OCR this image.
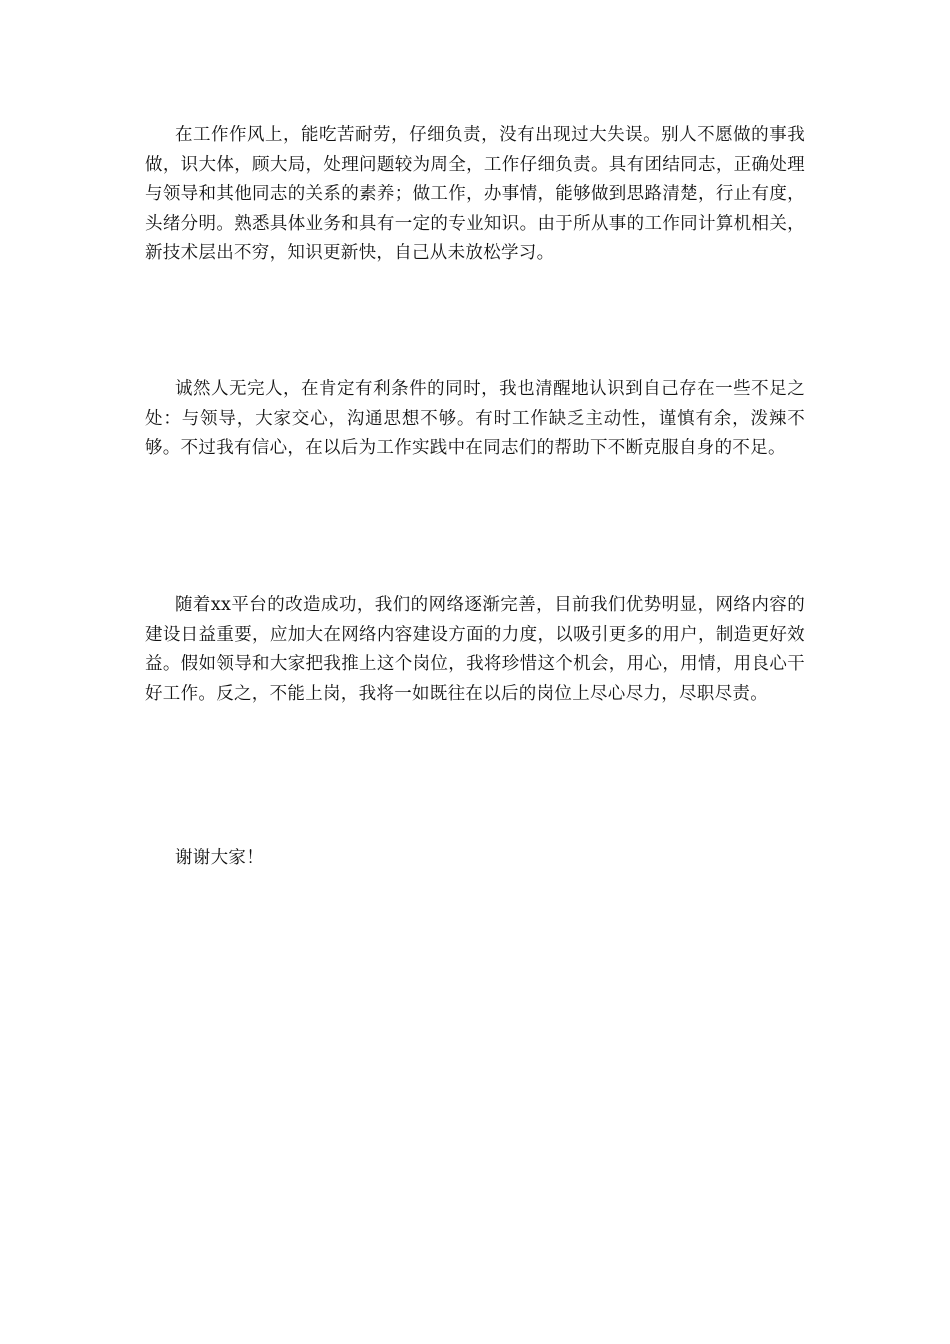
在工作作风上，能吃苦耐劳，仔细负责，没有出现过大失误。别人不愿做的事我做，识大体，顾大局，处理问题较为周全，工作仔细负责。具有团结同志，正确处理与领导和其他同志的关系的素养；做工作，办事情，能够做到思路清楚，行止有度，头绪分明。熟悉具体业务和具有一定的专业知识。由于所从事的工作同计算机相关，新技术层出不穷，知识更新快，自己从未放松学习。

诚然人无完人，在肯定有利条件的同时，我也清醒地认识到自己存在一些不足之处：与领导，大家交心，沟通思想不够。有时工作缺乏主动性，谨慎有余，泼辣不够。不过我有信心，在以后为工作实践中在同志们的帮助下不断克服自身的不足。

随着xx平台的改造成功，我们的网络逐渐完善，目前我们优势明显，网络内容的建设日益重要，应加大在网络内容建设方面的力度，以吸引更多的用户，制造更好效益。假如领导和大家把我推上这个岗位，我将珍惜这个机会，用心，用情，用良心干好工作。反之，不能上岗，我将一如既往在以后的岗位上尽心尽力，尽职尽责。

谢谢大家！
